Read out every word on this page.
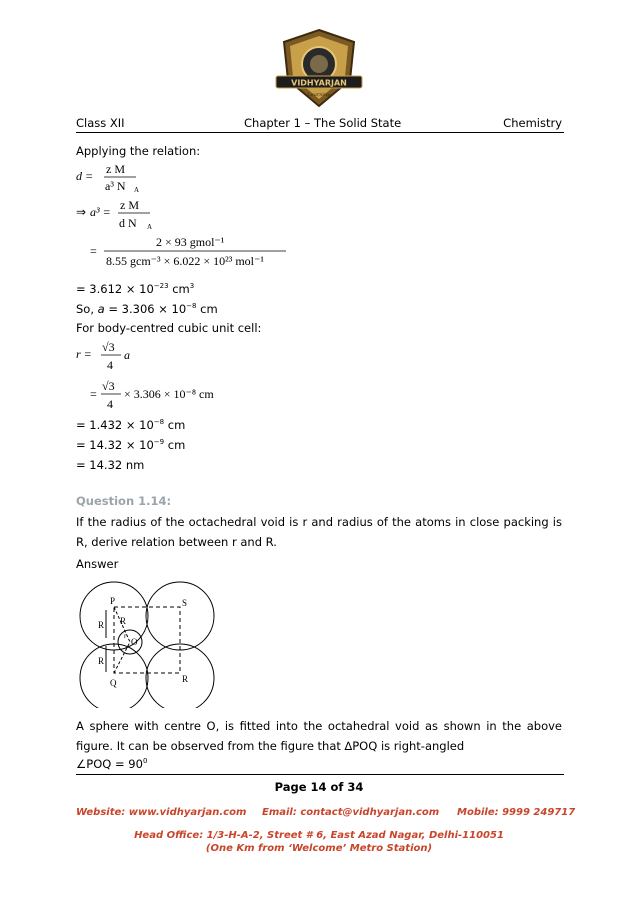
VIDHYARJAN
Learning
Class XII	Chapter 1 – The Solid State	Chemistry
Applying the relation:
d = z M
a³ N A
⇒ a³ = z M
d N A
=
2 × 93 gmol⁻¹
8.55 gcm⁻³ × 6.022 × 10²³ mol⁻¹
= $3.612 \times 10^{-23}$ $cm^3$
So, $a = 3.306 \times 10^{-8}$ cm
For body-centred cubic unit cell:
r = √3
4
a
=
√3
4
× 3.306 × 10⁻⁸ cm
= $1.432 \times 10^{-8}$ cm
= $14.32 \times 10^{-9}$ cm
= 14.32 nm
Question 1.14:
If the radius of the octachedral void is r and radius of the atoms in close packing is R, derive relation between r and R.
Answer
P	S
Q	R
O
r
R
R
R
A sphere with centre O, is fitted into the octahedral void as shown in the above figure. It can be observed from the figure that ∆POQ is right-angled
∠POQ = $90^0$
Page 14 of 34
Website: www.vidhyarjan.com Email: contact@vidhyarjan.com Mobile: 9999 249717
Head Office: 1/3-H-A-2, Street # 6, East Azad Nagar, Delhi-110051
(One Km from ‘Welcome’ Metro Station)
